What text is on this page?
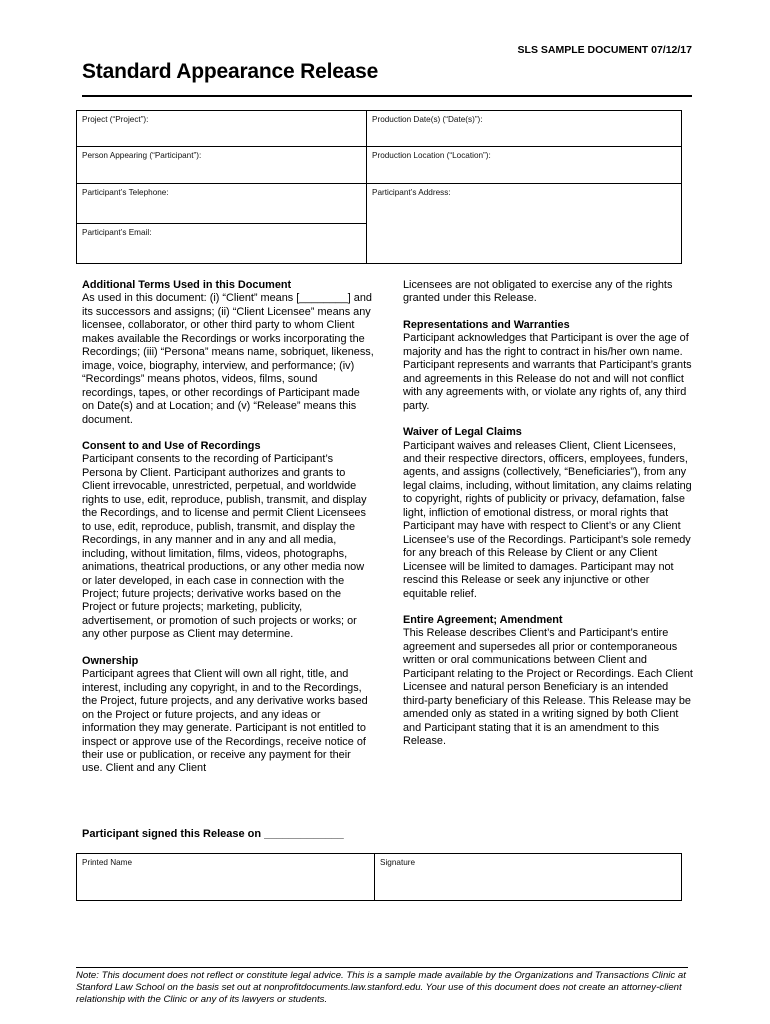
SLS SAMPLE DOCUMENT 07/12/17
Standard Appearance Release
Project (“Project”):	Production Date(s) (“Date(s)”):
Person Appearing (“Participant”):	Production Location (“Location”):
Participant’s Telephone:	Participant’s Address:
Participant’s Email:
Additional Terms Used in this Document

As used in this document: (i) “Client” means [________] and its successors and assigns; (ii) “Client Licensee” means any licensee, collaborator, or other third party to whom Client makes available the Recordings or works incorporating the Recordings; (iii) “Persona” means name, sobriquet, likeness, image, voice, biography, interview, and performance; (iv) “Recordings” means photos, videos, films, sound recordings, tapes, or other recordings of Participant made on Date(s) and at Location; and (v) “Release” means this document.

Consent to and Use of Recordings

Participant consents to the recording of Participant’s Persona by Client. Participant authorizes and grants to Client irrevocable, unrestricted, perpetual, and worldwide rights to use, edit, reproduce, publish, transmit, and display the Recordings, and to license and permit Client Licensees to use, edit, reproduce, publish, transmit, and display the Recordings, in any manner and in any and all media, including, without limitation, films, videos, photographs, animations, theatrical productions, or any other media now or later developed, in each case in connection with the Project; future projects; derivative works based on the Project or future projects; marketing, publicity, advertisement, or promotion of such projects or works; or any other purpose as Client may determine.

Ownership

Participant agrees that Client will own all right, title, and interest, including any copyright, in and to the Recordings, the Project, future projects, and any derivative works based on the Project or future projects, and any ideas or information they may generate. Participant is not entitled to inspect or approve use of the Recordings, receive notice of their use or publication, or receive any payment for their use. Client and any Client

Licensees are not obligated to exercise any of the rights granted under this Release.

Representations and Warranties

Participant acknowledges that Participant is over the age of majority and has the right to contract in his/her own name. Participant represents and warrants that Participant’s grants and agreements in this Release do not and will not conflict with any agreements with, or violate any rights of, any third party.

Waiver of Legal Claims

Participant waives and releases Client, Client Licensees, and their respective directors, officers, employees, funders, agents, and assigns (collectively, “Beneficiaries”), from any legal claims, including, without limitation, any claims relating to copyright, rights of publicity or privacy, defamation, false light, infliction of emotional distress, or moral rights that Participant may have with respect to Client’s or any Client Licensee’s use of the Recordings. Participant’s sole remedy for any breach of this Release by Client or any Client Licensee will be limited to damages. Participant may not rescind this Release or seek any injunctive or other equitable relief.

Entire Agreement; Amendment

This Release describes Client’s and Participant’s entire agreement and supersedes all prior or contemporaneous written or oral communications between Client and Participant relating to the Project or Recordings. Each Client Licensee and natural person Beneficiary is an intended third-party beneficiary of this Release. This Release may be amended only as stated in a writing signed by both Client and Participant stating that it is an amendment to this Release.

Participant signed this Release on _____________
Printed Name	Signature
Note: This document does not reflect or constitute legal advice. This is a sample made available by the Organizations and Transactions Clinic at Stanford Law School on the basis set out at nonprofitdocuments.law.stanford.edu. Your use of this document does not create an attorney-client relationship with the Clinic or any of its lawyers or students.
